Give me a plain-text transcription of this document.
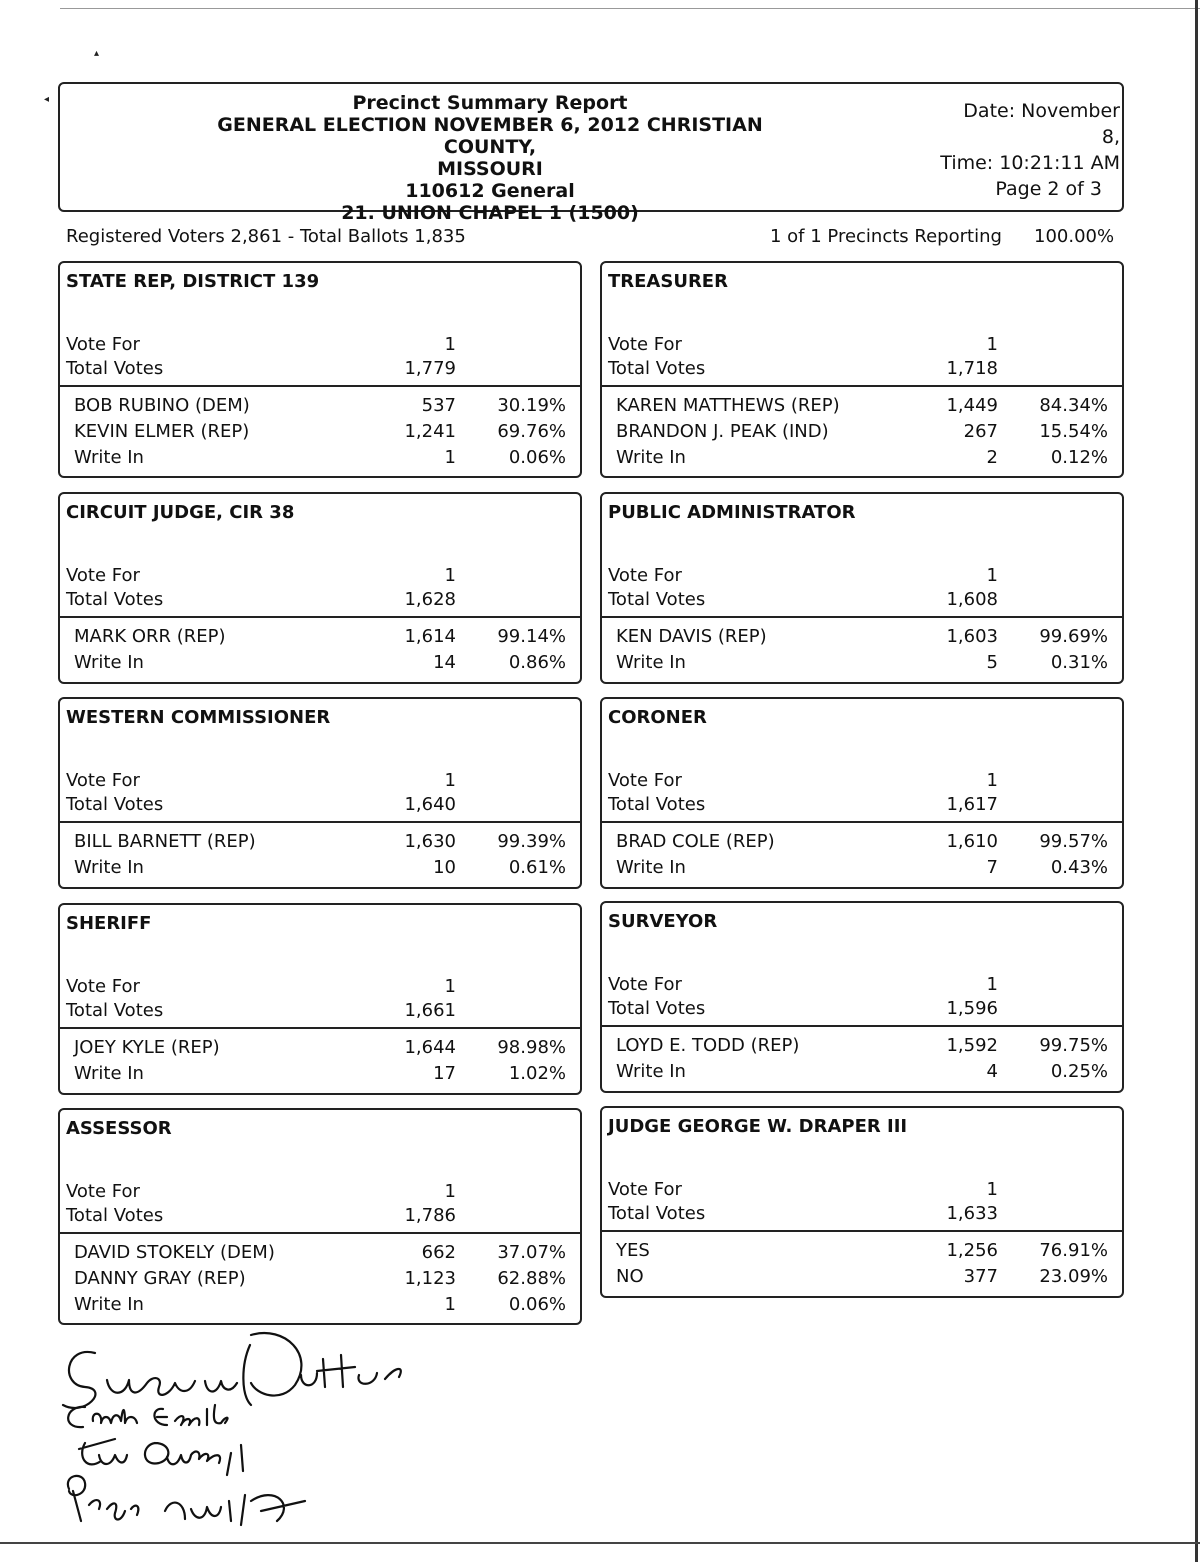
▴
◂	Precinct Summary Report
GENERAL ELECTION NOVEMBER 6, 2012 CHRISTIAN COUNTY,
MISSOURI
110612 General
21. UNION CHAPEL 1 (1500)
Date: November 8,
Time: 10:21:11 AM
Page 2 of 3
Registered Voters 2,861 - Total Ballots 1,835	1 of 1 Precincts Reporting 100.00%
STATE REP, DISTRICT 139
Vote For	1
Total Votes	1,779
BOB RUBINO (DEM)	537	30.19%
KEVIN ELMER (REP)	1,241	69.76%
Write In	1	0.06%
TREASURER
Vote For	1
Total Votes	1,718
KAREN MATTHEWS (REP)	1,449	84.34%
BRANDON J. PEAK (IND)	267	15.54%
Write In	2	0.12%
CIRCUIT JUDGE, CIR 38
Vote For	1
Total Votes	1,628
MARK ORR (REP)	1,614	99.14%
Write In	14	0.86%
PUBLIC ADMINISTRATOR
Vote For	1
Total Votes	1,608
KEN DAVIS (REP)	1,603	99.69%
Write In	5	0.31%
WESTERN COMMISSIONER
Vote For	1
Total Votes	1,640
BILL BARNETT (REP)	1,630	99.39%
Write In	10	0.61%
CORONER
Vote For	1
Total Votes	1,617
BRAD COLE (REP)	1,610	99.57%
Write In	7	0.43%
SHERIFF
Vote For	1
Total Votes	1,661
JOEY KYLE (REP)	1,644	98.98%
Write In	17	1.02%
SURVEYOR
Vote For	1
Total Votes	1,596
LOYD E. TODD (REP)	1,592	99.75%
Write In	4	0.25%
ASSESSOR
Vote For	1
Total Votes	1,786
DAVID STOKELY (DEM)	662	37.07%
DANNY GRAY (REP)	1,123	62.88%
Write In	1	0.06%
JUDGE GEORGE W. DRAPER III
Vote For	1
Total Votes	1,633
YES	1,256	76.91%
NO	377	23.09%
